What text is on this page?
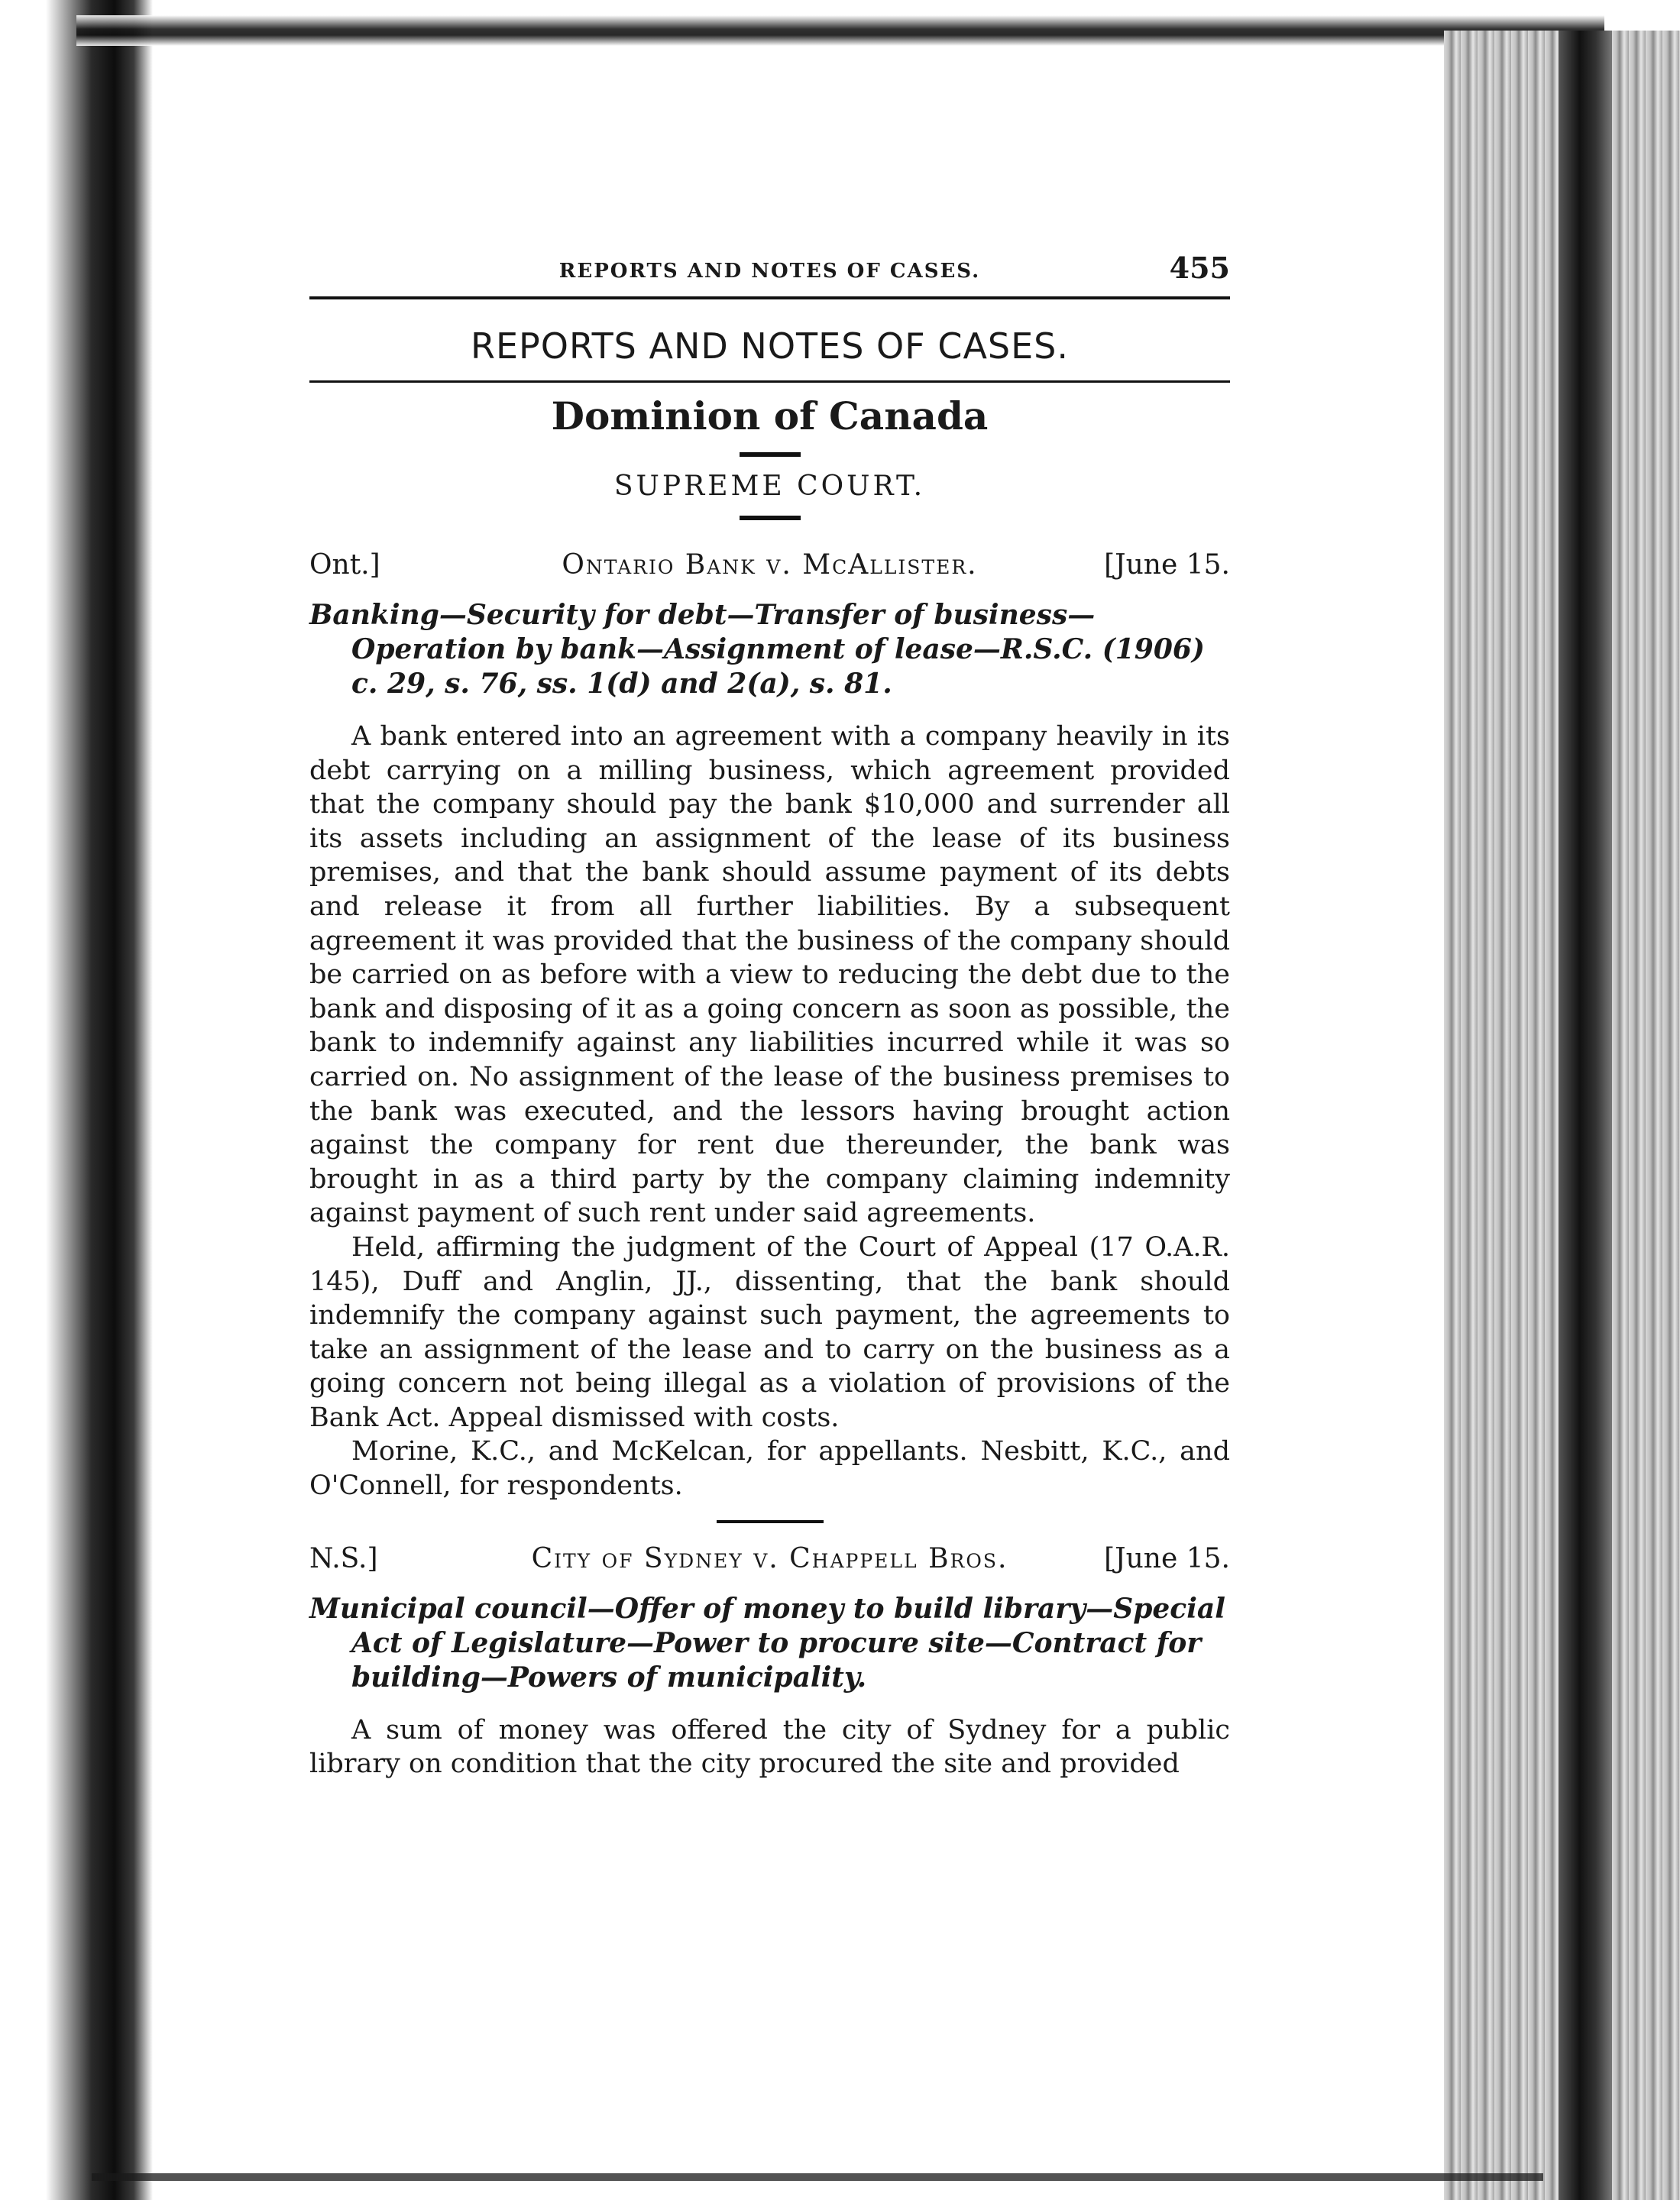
REPORTS AND NOTES OF CASES.	455
REPORTS AND NOTES OF CASES.
Dominion of Canada
SUPREME COURT.
Ont.]	Ontario Bank v. McAllister.	[June 15.
Banking—Security for debt—Transfer of business—Operation by bank—Assignment of lease—R.S.C. (1906) c. 29, s. 76, ss. 1(d) and 2(a), s. 81.
A bank entered into an agreement with a company heavily in its debt carrying on a milling business, which agreement provided that the company should pay the bank $10,000 and surrender all its assets including an assignment of the lease of its business premises, and that the bank should assume payment of its debts and release it from all further liabilities. By a subsequent agreement it was provided that the business of the company should be carried on as before with a view to reducing the debt due to the bank and disposing of it as a going concern as soon as possible, the bank to indemnify against any liabilities incurred while it was so carried on. No assignment of the lease of the business premises to the bank was executed, and the lessors having brought action against the company for rent due thereunder, the bank was brought in as a third party by the company claiming indemnity against payment of such rent under said agreements.
Held, affirming the judgment of the Court of Appeal (17 O.A.R. 145), Duff and Anglin, JJ., dissenting, that the bank should indemnify the company against such payment, the agreements to take an assignment of the lease and to carry on the business as a going concern not being illegal as a violation of provisions of the Bank Act. Appeal dismissed with costs.
Morine, K.C., and McKelcan, for appellants. Nesbitt, K.C., and O'Connell, for respondents.
N.S.]	City of Sydney v. Chappell Bros.	[June 15.
Municipal council—Offer of money to build library—Special Act of Legislature—Power to procure site—Contract for building—Powers of municipality.
A sum of money was offered the city of Sydney for a public library on condition that the city procured the site and provided
